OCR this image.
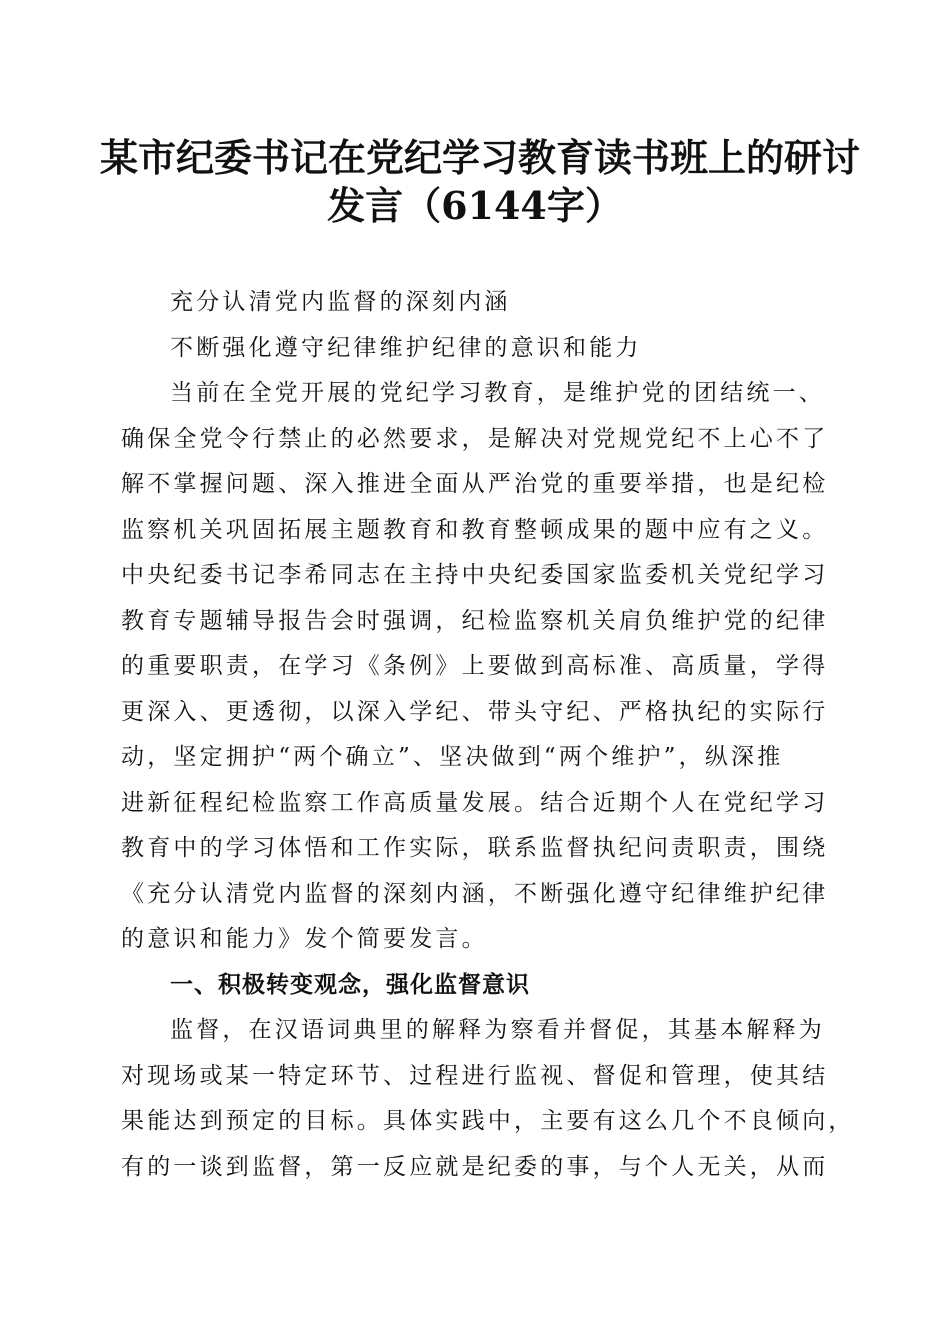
某市纪委书记在党纪学习教育读书班上的研讨
发言（6144字）
充分认清党内监督的深刻内涵
不断强化遵守纪律维护纪律的意识和能力
当前在全党开展的党纪学习教育，是维护党的团结统一、
确保全党令行禁止的必然要求，是解决对党规党纪不上心不了
解不掌握问题、深入推进全面从严治党的重要举措，也是纪检
监察机关巩固拓展主题教育和教育整顿成果的题中应有之义。
中央纪委书记李希同志在主持中央纪委国家监委机关党纪学习
教育专题辅导报告会时强调，纪检监察机关肩负维护党的纪律
的重要职责，在学习《条例》上要做到高标准、高质量，学得
更深入、更透彻，以深入学纪、带头守纪、严格执纪的实际行
动，坚定拥护“两个确立”、坚决做到“两个维护”，纵深推
进新征程纪检监察工作高质量发展。结合近期个人在党纪学习
教育中的学习体悟和工作实际，联系监督执纪问责职责，围绕
《充分认清党内监督的深刻内涵，不断强化遵守纪律维护纪律
的意识和能力》发个简要发言。
一、积极转变观念，强化监督意识
监督，在汉语词典里的解释为察看并督促，其基本解释为
对现场或某一特定环节、过程进行监视、督促和管理，使其结
果能达到预定的目标。具体实践中，主要有这么几个不良倾向，
有的一谈到监督，第一反应就是纪委的事，与个人无关，从而
